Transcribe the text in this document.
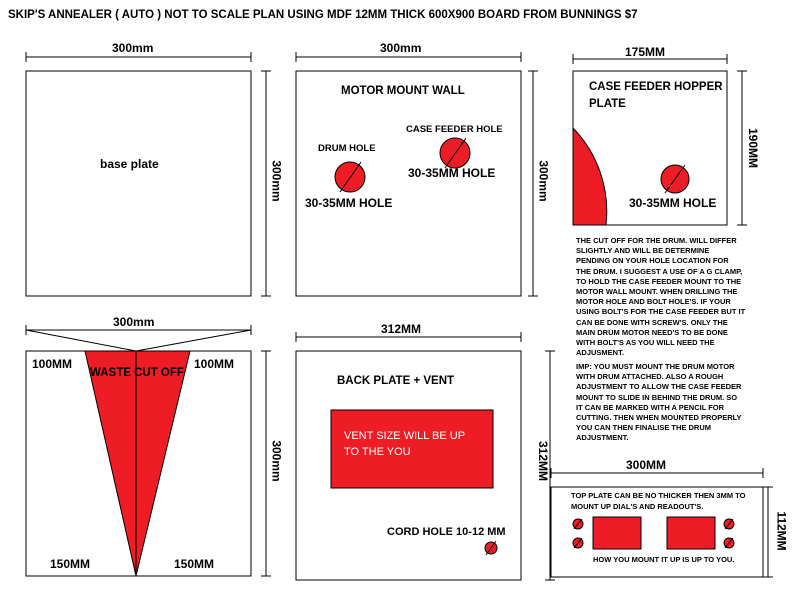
SKIP'S ANNEALER ( AUTO ) NOT TO SCALE PLAN USING MDF 12MM THICK 600X900 BOARD FROM BUNNINGS $7
300mm
300mm
base plate
300mm
300mm
MOTOR MOUNT WALL
DRUM HOLE
30-35MM HOLE
CASE FEEDER HOLE
30-35MM HOLE
175MM
190MM
CASE FEEDER HOPPER
PLATE
30-35MM HOLE
THE CUT OFF FOR THE DRUM. WILL DIFFER
SLIGHTLY AND WILL BE DETERMINE
PENDING ON YOUR HOLE LOCATION FOR
THE DRUM. I SUGGEST A USE OF A G CLAMP,
TO HOLD THE CASE FEEDER MOUNT TO THE
MOTOR WALL MOUNT. WHEN DRILLING THE
MOTOR HOLE AND BOLT HOLE'S. IF YOUR
USING BOLT'S FOR THE CASE FEEDER BUT IT
CAN BE DONE WITH SCREW'S. ONLY THE
MAIN DRUM MOTOR NEED'S TO BE DONE
WITH BOLT'S AS YOU WILL NEED THE
ADJUSMENT.
IMP: YOU MUST MOUNT THE DRUM MOTOR
WITH DRUM ATTACHED. ALSO A ROUGH
ADJUSTMENT TO ALLOW THE CASE FEEDER
MOUNT TO SLIDE IN BEHIND THE DRUM. SO
IT CAN BE MARKED WITH A PENCIL FOR
CUTTING. THEN WHEN MOUNTED PROPERLY
YOU CAN THEN FINALISE THE DRUM
ADJUSTMENT.
300mm
300mm
100MM	100MM
WASTE CUT OFF
150MM	150MM
312MM
312MM
BACK PLATE + VENT
VENT SIZE WILL BE UP
TO THE YOU
CORD HOLE 10-12 MM
300MM
112MM
TOP PLATE CAN BE NO THICKER THEN 3MM TO
MOUNT UP DIAL'S AND READOUT'S.
HOW YOU MOUNT IT UP IS UP TO YOU.
